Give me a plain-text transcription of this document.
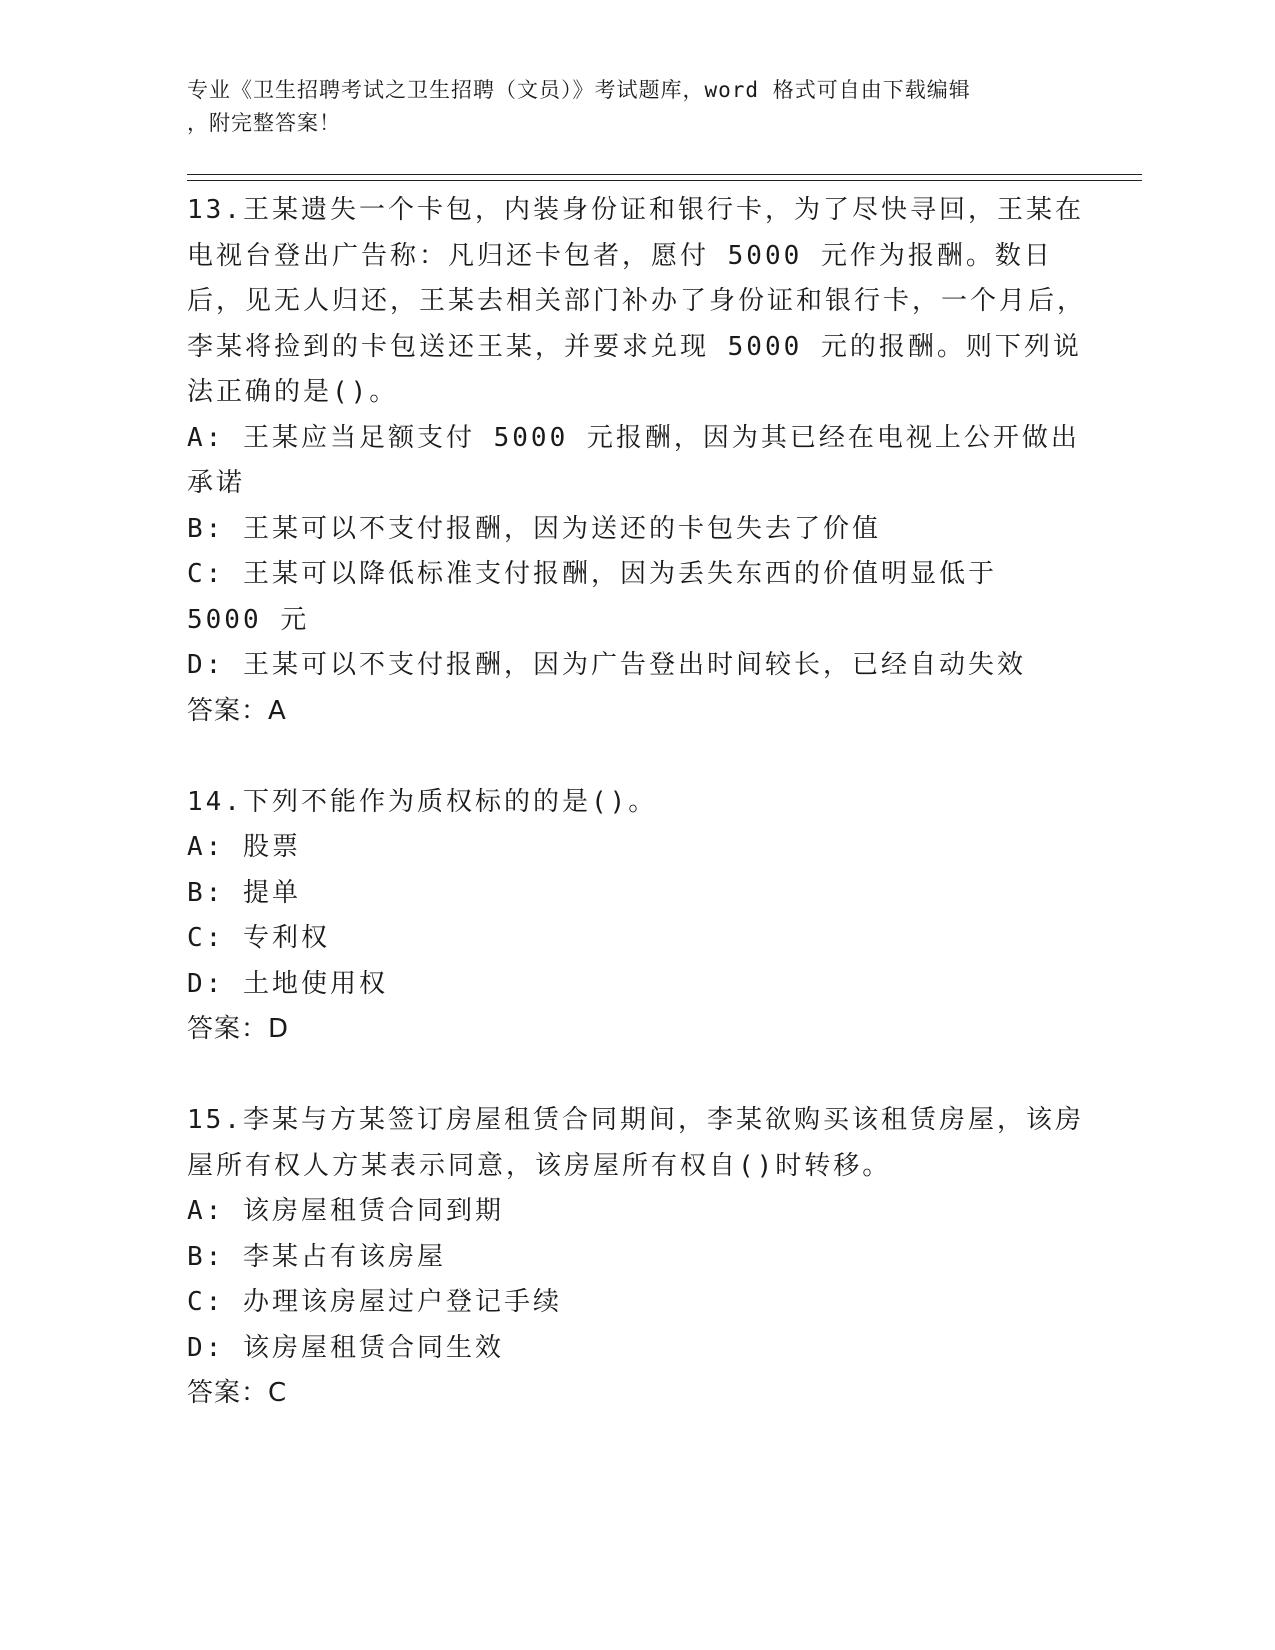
专业《卫生招聘考试之卫生招聘（文员）》考试题库，word 格式可自由下载编辑
，附完整答案！

13.王某遗失一个卡包，内装身份证和银行卡，为了尽快寻回，王某在电视台登出广告称：凡归还卡包者，愿付 5000 元作为报酬。数日后，见无人归还，王某去相关部门补办了身份证和银行卡，一个月后，李某将捡到的卡包送还王某，并要求兑现 5000 元的报酬。则下列说法正确的是()。

A: 王某应当足额支付 5000 元报酬，因为其已经在电视上公开做出承诺

B: 王某可以不支付报酬，因为送还的卡包失去了价值

C: 王某可以降低标准支付报酬，因为丢失东西的价值明显低于 5000 元

D: 王某可以不支付报酬，因为广告登出时间较长，已经自动失效

答案：A

14.下列不能作为质权标的的是()。

A: 股票

B: 提单

C: 专利权

D: 土地使用权

答案：D

15.李某与方某签订房屋租赁合同期间，李某欲购买该租赁房屋，该房屋所有权人方某表示同意，该房屋所有权自()时转移。

A: 该房屋租赁合同到期

B: 李某占有该房屋

C: 办理该房屋过户登记手续

D: 该房屋租赁合同生效

答案：C
